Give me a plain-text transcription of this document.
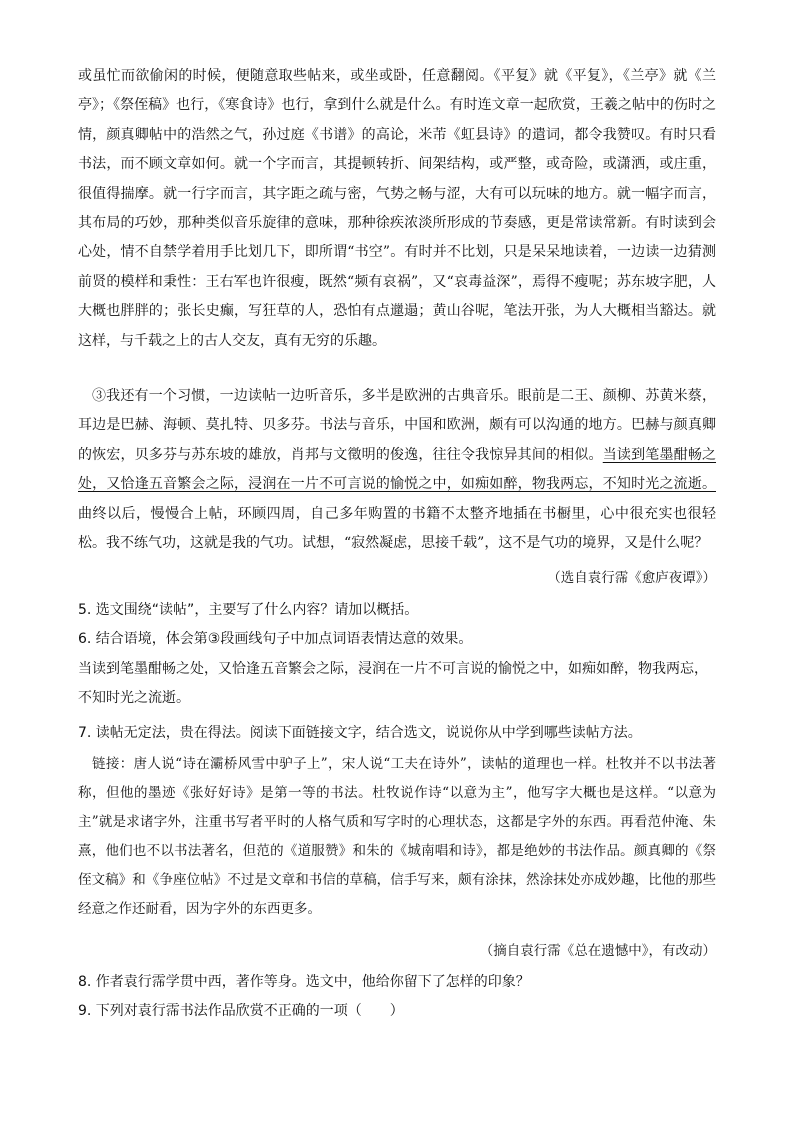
或虽忙而欲偷闲的时候，便随意取些帖来，或坐或卧，任意翻阅。《平复》就《平复》，《兰亭》就《兰亭》；《祭侄稿》也行，《寒食诗》也行，拿到什么就是什么。有时连文章一起欣赏，王羲之帖中的伤时之情，颜真卿帖中的浩然之气，孙过庭《书谱》的高论，米芾《虹县诗》的遣词，都令我赞叹。有时只看书法，而不顾文章如何。就一个字而言，其提顿转折、间架结构，或严整，或奇险，或潇洒，或庄重，很值得揣摩。就一行字而言，其字距之疏与密，气势之畅与涩，大有可以玩味的地方。就一幅字而言，其布局的巧妙，那种类似音乐旋律的意味，那种徐疾浓淡所形成的节奏感，更是常读常新。有时读到会心处，情不自禁学着用手比划几下，即所谓“书空”。有时并不比划，只是呆呆地读着，一边读一边猜测前贤的模样和秉性：王右军也许很瘦，既然“频有哀祸”，又“哀毒益深”，焉得不瘦呢；苏东坡字肥，人大概也胖胖的；张长史癫，写狂草的人，恐怕有点邋遢；黄山谷呢，笔法开张，为人大概相当豁达。就这样，与千载之上的古人交友，真有无穷的乐趣。

③我还有一个习惯，一边读帖一边听音乐，多半是欧洲的古典音乐。眼前是二王、颜柳、苏黄米蔡，耳边是巴赫、海顿、莫扎特、贝多芬。书法与音乐，中国和欧洲，颇有可以沟通的地方。巴赫与颜真卿的恢宏，贝多芬与苏东坡的雄放，肖邦与文徵明的俊逸，往往令我惊异其间的相似。当读到笔墨酣畅之处，又恰逢五音繁会之际，浸润在一片不可言说的愉悦之中，如痴如醉，物我两忘，不知时光之流逝。曲终以后，慢慢合上帖，环顾四周，自己多年购置的书籍不太整齐地插在书橱里，心中很充实也很轻松。我不练气功，这就是我的气功。试想，“寂然凝虑，思接千载”，这不是气功的境界，又是什么呢？

（选自袁行霈《愈庐夜谭》）

5. 选文围绕“读帖”，主要写了什么内容？请加以概括。

6. 结合语境，体会第③段画线句子中加点词语表情达意的效果。

当读到笔墨酣畅之处，又恰逢五音繁会之际，浸润在一片不可言说的愉悦之中，如痴如醉，物我两忘，不知时光之流逝。

7. 读帖无定法，贵在得法。阅读下面链接文字，结合选文，说说你从中学到哪些读帖方法。

链接：唐人说“诗在灞桥风雪中驴子上”，宋人说“工夫在诗外”，读帖的道理也一样。杜牧并不以书法著称，但他的墨迹《张好好诗》是第一等的书法。杜牧说作诗“以意为主”，他写字大概也是这样。“以意为主”就是求诸字外，注重书写者平时的人格气质和写字时的心理状态，这都是字外的东西。再看范仲淹、朱熹，他们也不以书法著名，但范的《道服赞》和朱的《城南唱和诗》，都是绝妙的书法作品。颜真卿的《祭侄文稿》和《争座位帖》不过是文章和书信的草稿，信手写来，颇有涂抹，然涂抹处亦成妙趣，比他的那些经意之作还耐看，因为字外的东西更多。

（摘自袁行霈《总在遗憾中》，有改动）

8. 作者袁行霈学贯中西，著作等身。选文中，他给你留下了怎样的印象？

9. 下列对袁行霈书法作品欣赏不正确的一项（　　）
